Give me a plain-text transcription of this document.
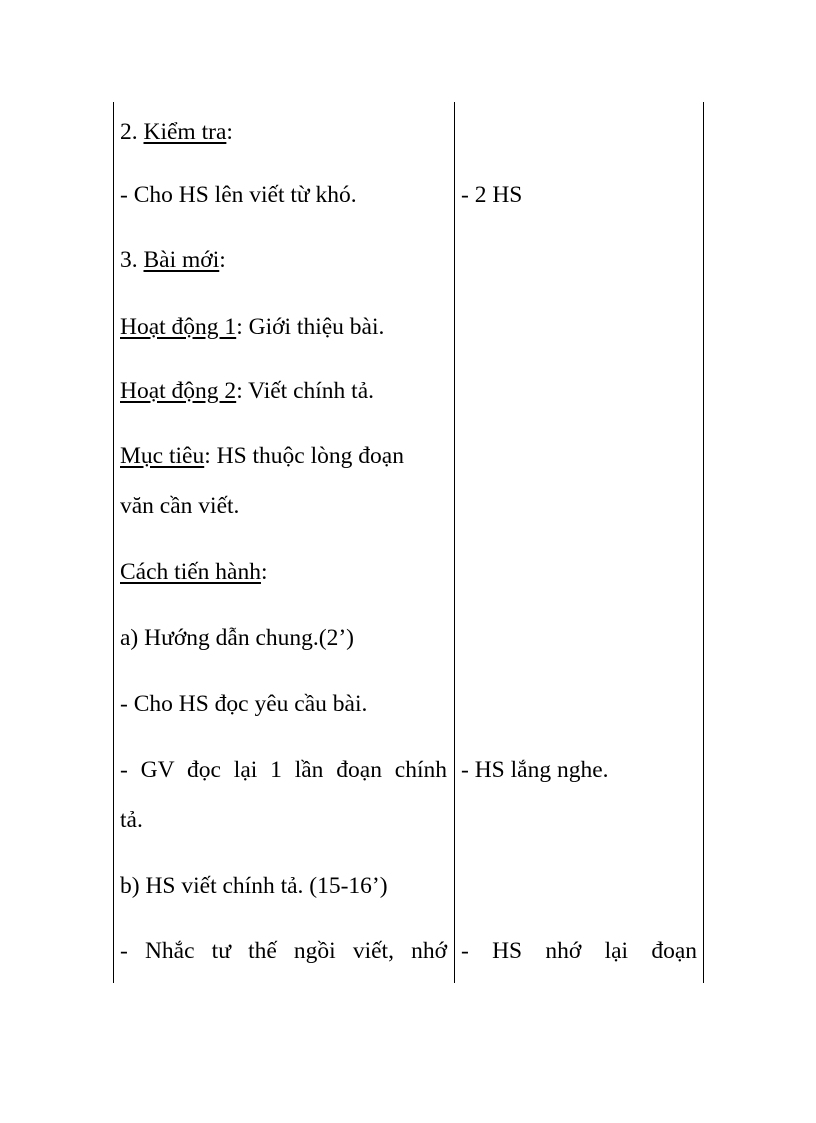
2. Kiểm tra:
- Cho HS lên viết từ khó.
3. Bài mới:
Hoạt động 1: Giới thiệu bài.
Hoạt động 2: Viết chính tả.
Mục tiêu: HS thuộc lòng đoạn
văn cần viết.
Cách tiến hành:
a) Hướng dẫn chung.(2’)
- Cho HS đọc yêu cầu bài.
- GV đọc lại 1 lần đoạn chính
tả.
b) HS viết chính tả. (15-16’)
- Nhắc tư thế ngồi viết, nhớ
- 2 HS
- HS lắng nghe.
- HS nhớ lại đoạn
